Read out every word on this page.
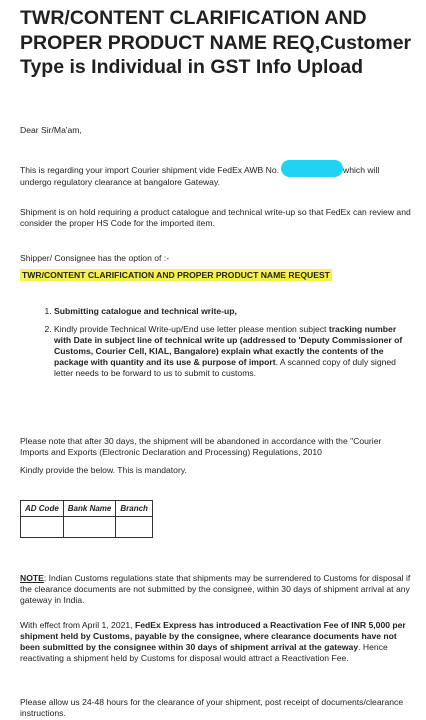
TWR/CONTENT CLARIFICATION AND PROPER PRODUCT NAME REQ,Customer Type is Individual in GST Info Upload

Dear Sir/Ma'am,

This is regarding your import Courier shipment vide FedEx AWB No.	which will undergo regulatory clearance at bangalore Gateway.

Shipment is on hold requiring a product catalogue and technical write-up so that FedEx can review and consider the proper HS Code for the imported item.

Shipper/ Consignee has the option of :-

TWR/CONTENT CLARIFICATION AND PROPER PRODUCT NAME REQUEST

1. Submitting catalogue and technical write-up,
2. Kindly provide Technical Write-up/End use letter please mention subject tracking number with Date in subject line of technical write up (addressed to 'Deputy Commissioner of Customs, Courier Cell, KIAL, Bangalore) explain what exactly the contents of the package with quantity and its use & purpose of import. A scanned copy of duly signed letter needs to be forward to us to submit to customs.

Please note that after 30 days, the shipment will be abandoned in accordance with the "Courier Imports and Exports (Electronic Declaration and Processing) Regulations, 2010

Kindly provide the below. This is mandatory.

AD Code	Bank Name	Branch

NOTE: Indian Customs regulations state that shipments may be surrendered to Customs for disposal if the clearance documents are not submitted by the consignee, within 30 days of shipment arrival at any gateway in India.

With effect from April 1, 2021, FedEx Express has introduced a Reactivation Fee of INR 5,000 per shipment held by Customs, payable by the consignee, where clearance documents have not been submitted by the consignee within 30 days of shipment arrival at the gateway. Hence reactivating a shipment held by Customs for disposal would attract a Reactivation Fee.

Please allow us 24-48 hours for the clearance of your shipment, post receipt of documents/clearance instructions.
